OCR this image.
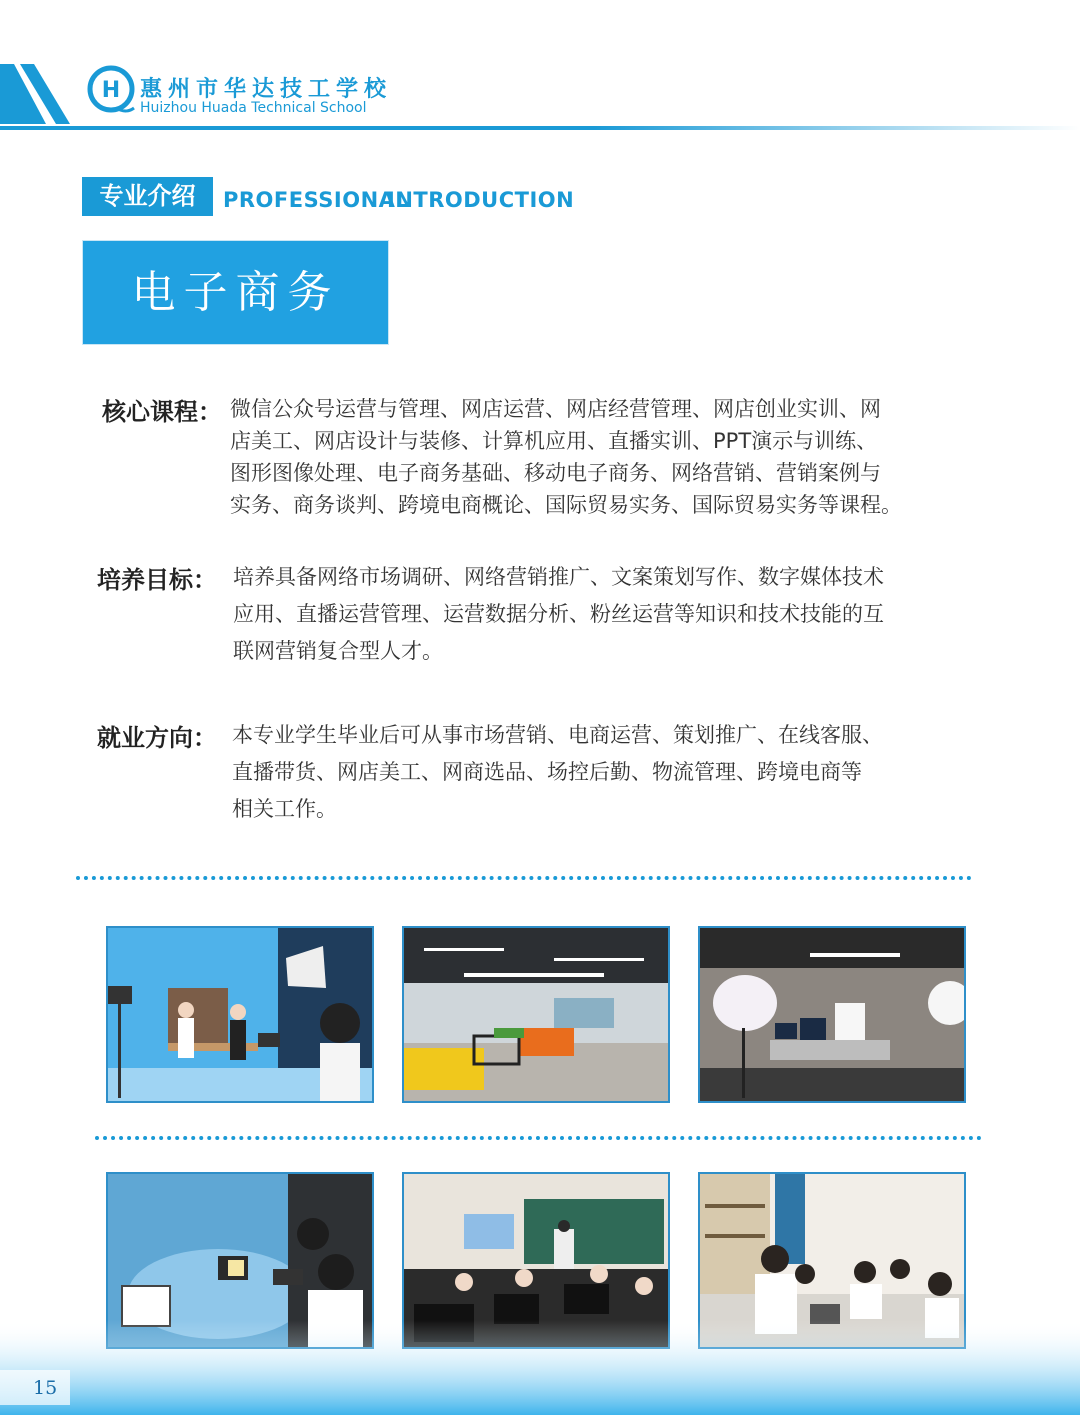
H 惠州市华达技工学校
Huizhou Huada Technical School
专业介绍	PROFESSIONAL
INTRODUCTION
电子商务
核心课程： 微信公众号运营与管理、网店运营、网店经营管理、网店创业实训、网
店美工、网店设计与装修、计算机应用、直播实训、PPT演示与训练、
图形图像处理、电子商务基础、移动电子商务、网络营销、营销案例与
实务、商务谈判、跨境电商概论、国际贸易实务、国际贸易实务等课程。
培养目标： 培养具备网络市场调研、网络营销推广、文案策划写作、数字媒体技术
应用、直播运营管理、运营数据分析、粉丝运营等知识和技术技能的互
联网营销复合型人才。
就业方向： 本专业学生毕业后可从事市场营销、电商运营、策划推广、在线客服、
直播带货、网店美工、网商选品、场控后勤、物流管理、跨境电商等
相关工作。
15
